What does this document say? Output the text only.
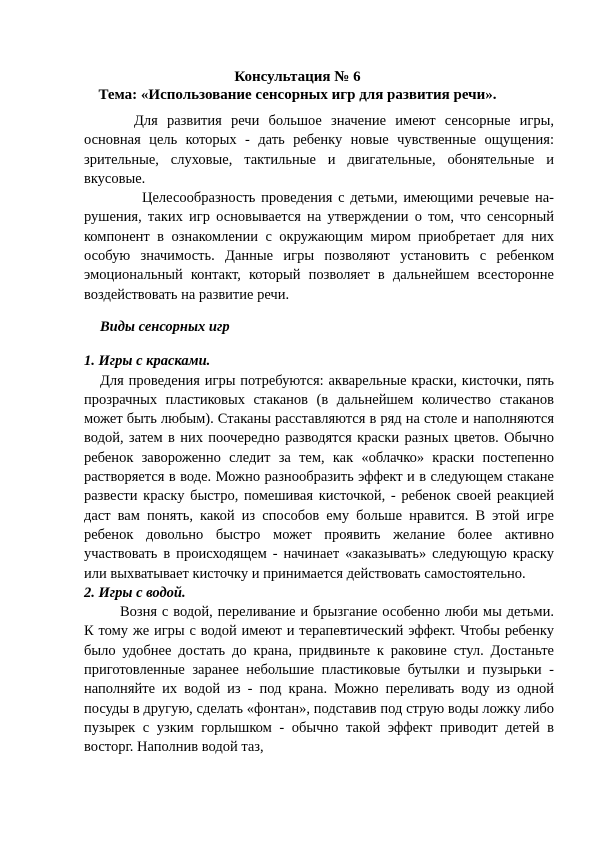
Консультация № 6
Тема: «Использование сенсорных игр для развития речи».

Для развития речи большое значение имеют сенсорные игры, основная цель которых - дать ребенку новые чувственные ощущения: зрительные, слуховые, тактильные и двигательные, обонятельные и вкусовые.

Целесообразность проведения с детьми, имеющими речевые нарушения, таких игр основывается на утверждении о том, что сенсорный компонент в ознакомлении с окружающим миром приобретает для них особую значимость. Данные игры позволяют установить с ребенком эмоциональный контакт, который позволяет в дальнейшем всесторонне воздействовать на развитие речи.

Виды сенсорных игр

1. Игры с красками.

Для проведения игры потребуются: акварельные краски, кисточки, пять прозрачных пластиковых стаканов (в дальнейшем количество стаканов может быть любым). Стаканы расставляются в ряд на столе и наполняются водой, затем в них поочередно разводятся краски разных цветов. Обычно ребенок завороженно следит за тем, как «облачко» краски постепенно растворяется в воде. Можно разнообразить эффект и в следующем стакане развести краску быстро, помешивая кисточкой, - ребенок своей реакцией даст вам понять, какой из способов ему больше нравится. В этой игре ребенок довольно быстро может проявить желание более активно участвовать в происходящем - начинает «заказывать» следующую краску или выхватывает кисточку и принимается действовать самостоятельно.

2. Игры с водой.

Возня с водой, переливание и брызгание особенно люби мы детьми. К тому же игры с водой имеют и терапевтический эффект. Чтобы ребенку было удобнее достать до крана, придвиньте к раковине стул. Достаньте приготовленные заранее небольшие пластиковые бутылки и пузырьки - наполняйте их водой из - под крана. Можно переливать воду из одной посуды в другую, сделать «фонтан», подставив под струю воды ложку либо пузырек с узким горлышком - обычно такой эффект приводит детей в восторг. Наполнив водой таз,
